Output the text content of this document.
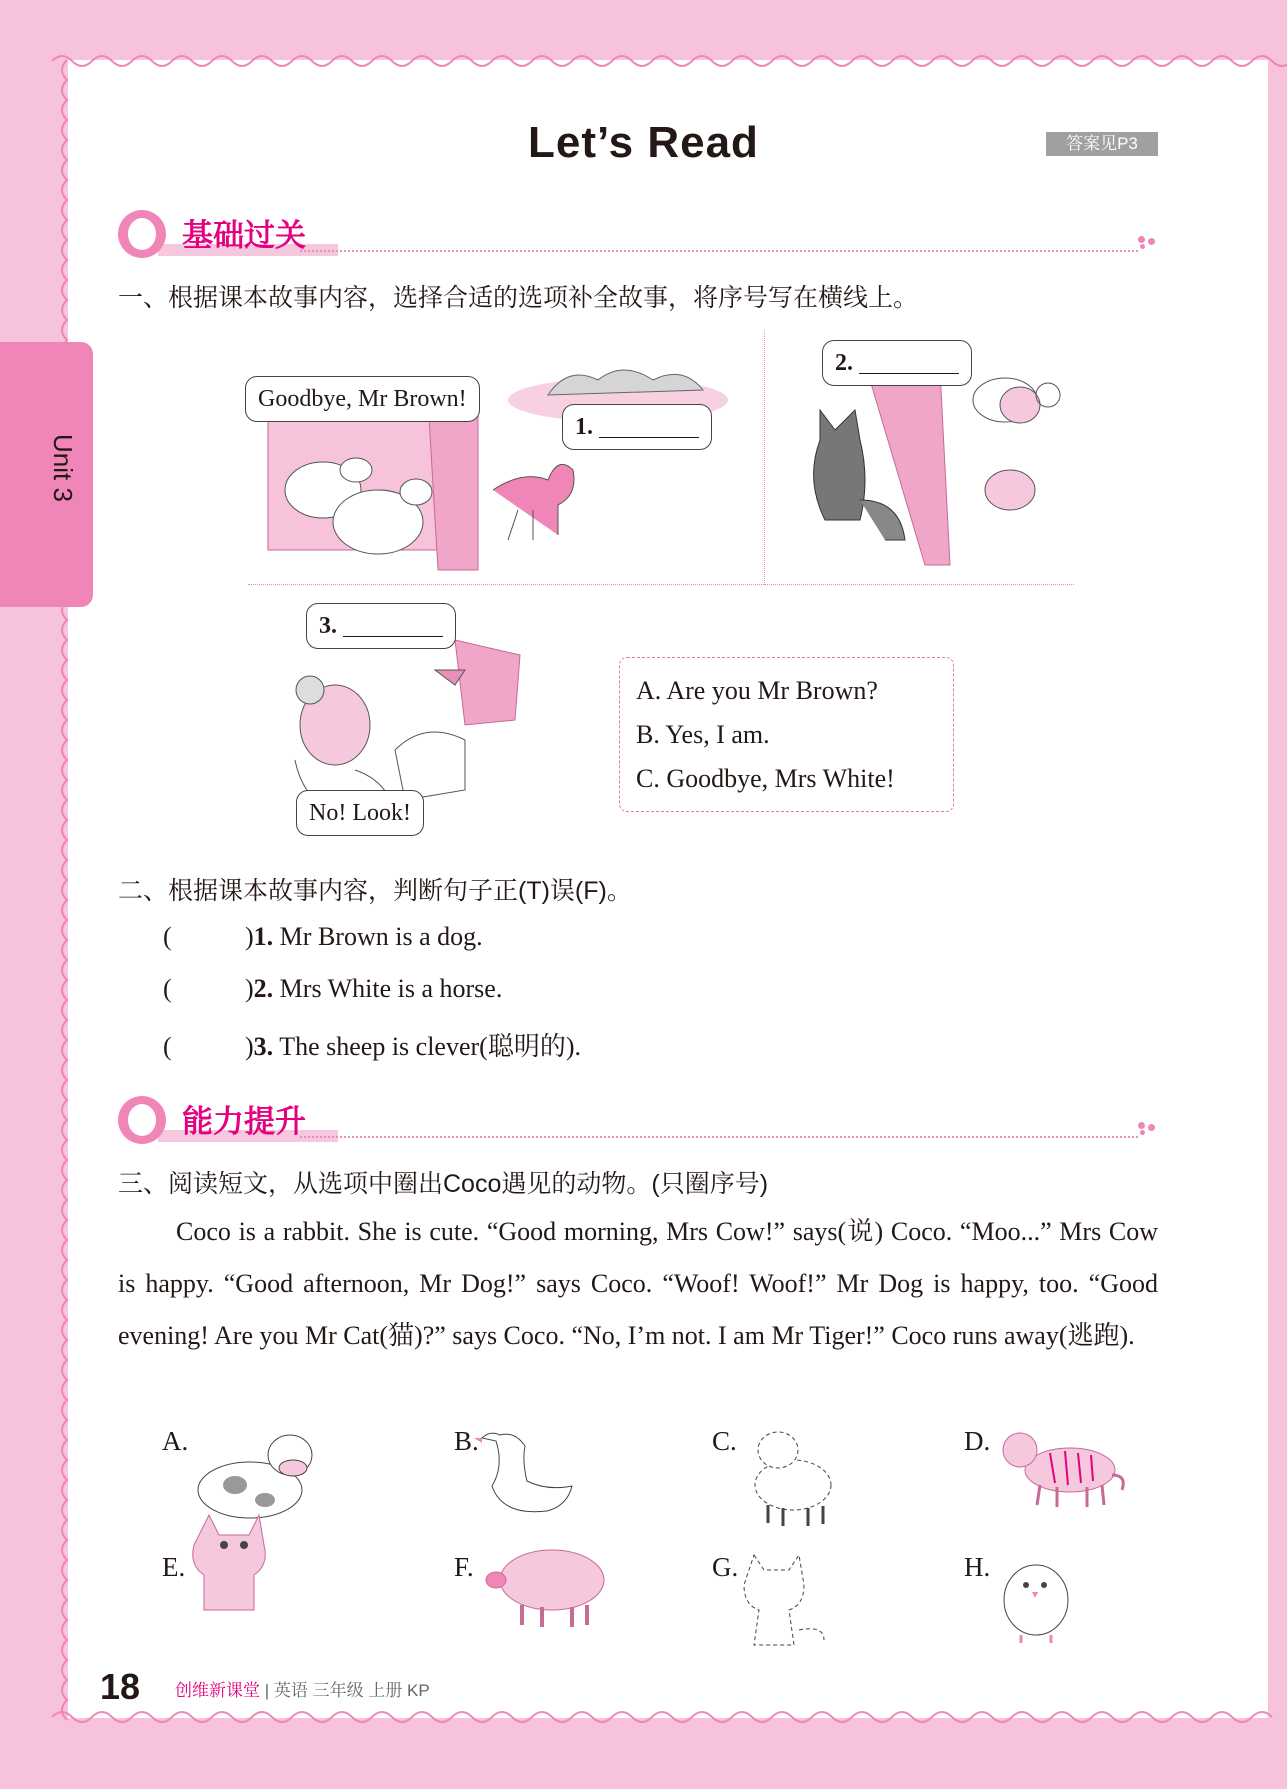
Unit 3
Let’s Read	答案见P3
基础过关
一、根据课本故事内容，选择合适的选项补全故事，将序号写在横线上。
Goodbye, Mr Brown!
1.
2.
3.
No! Look!
A. Are you Mr Brown?
B. Yes, I am.
C. Goodbye, Mrs White!
二、根据课本故事内容，判断句子正(T)误(F)。
(	)1. Mr Brown is a dog.
(	)2. Mrs White is a horse.
(	)3. The sheep is clever(聪明的).
能力提升
三、阅读短文，从选项中圈出Coco遇见的动物。(只圈序号)
Coco is a rabbit. She is cute. “Good morning, Mrs Cow!” says(说) Coco. “Moo...” Mrs Cow is happy. “Good afternoon, Mr Dog!” says Coco. “Woof! Woof!” Mr Dog is happy, too. “Good evening! Are you Mr Cat(猫)?” says Coco. “No, I’m not. I am Mr Tiger!” Coco runs away(逃跑).
A.	B.	C.	D.
E.	F.	G.	H.
18 创维新课堂 | 英语 三年级 上册 KP
